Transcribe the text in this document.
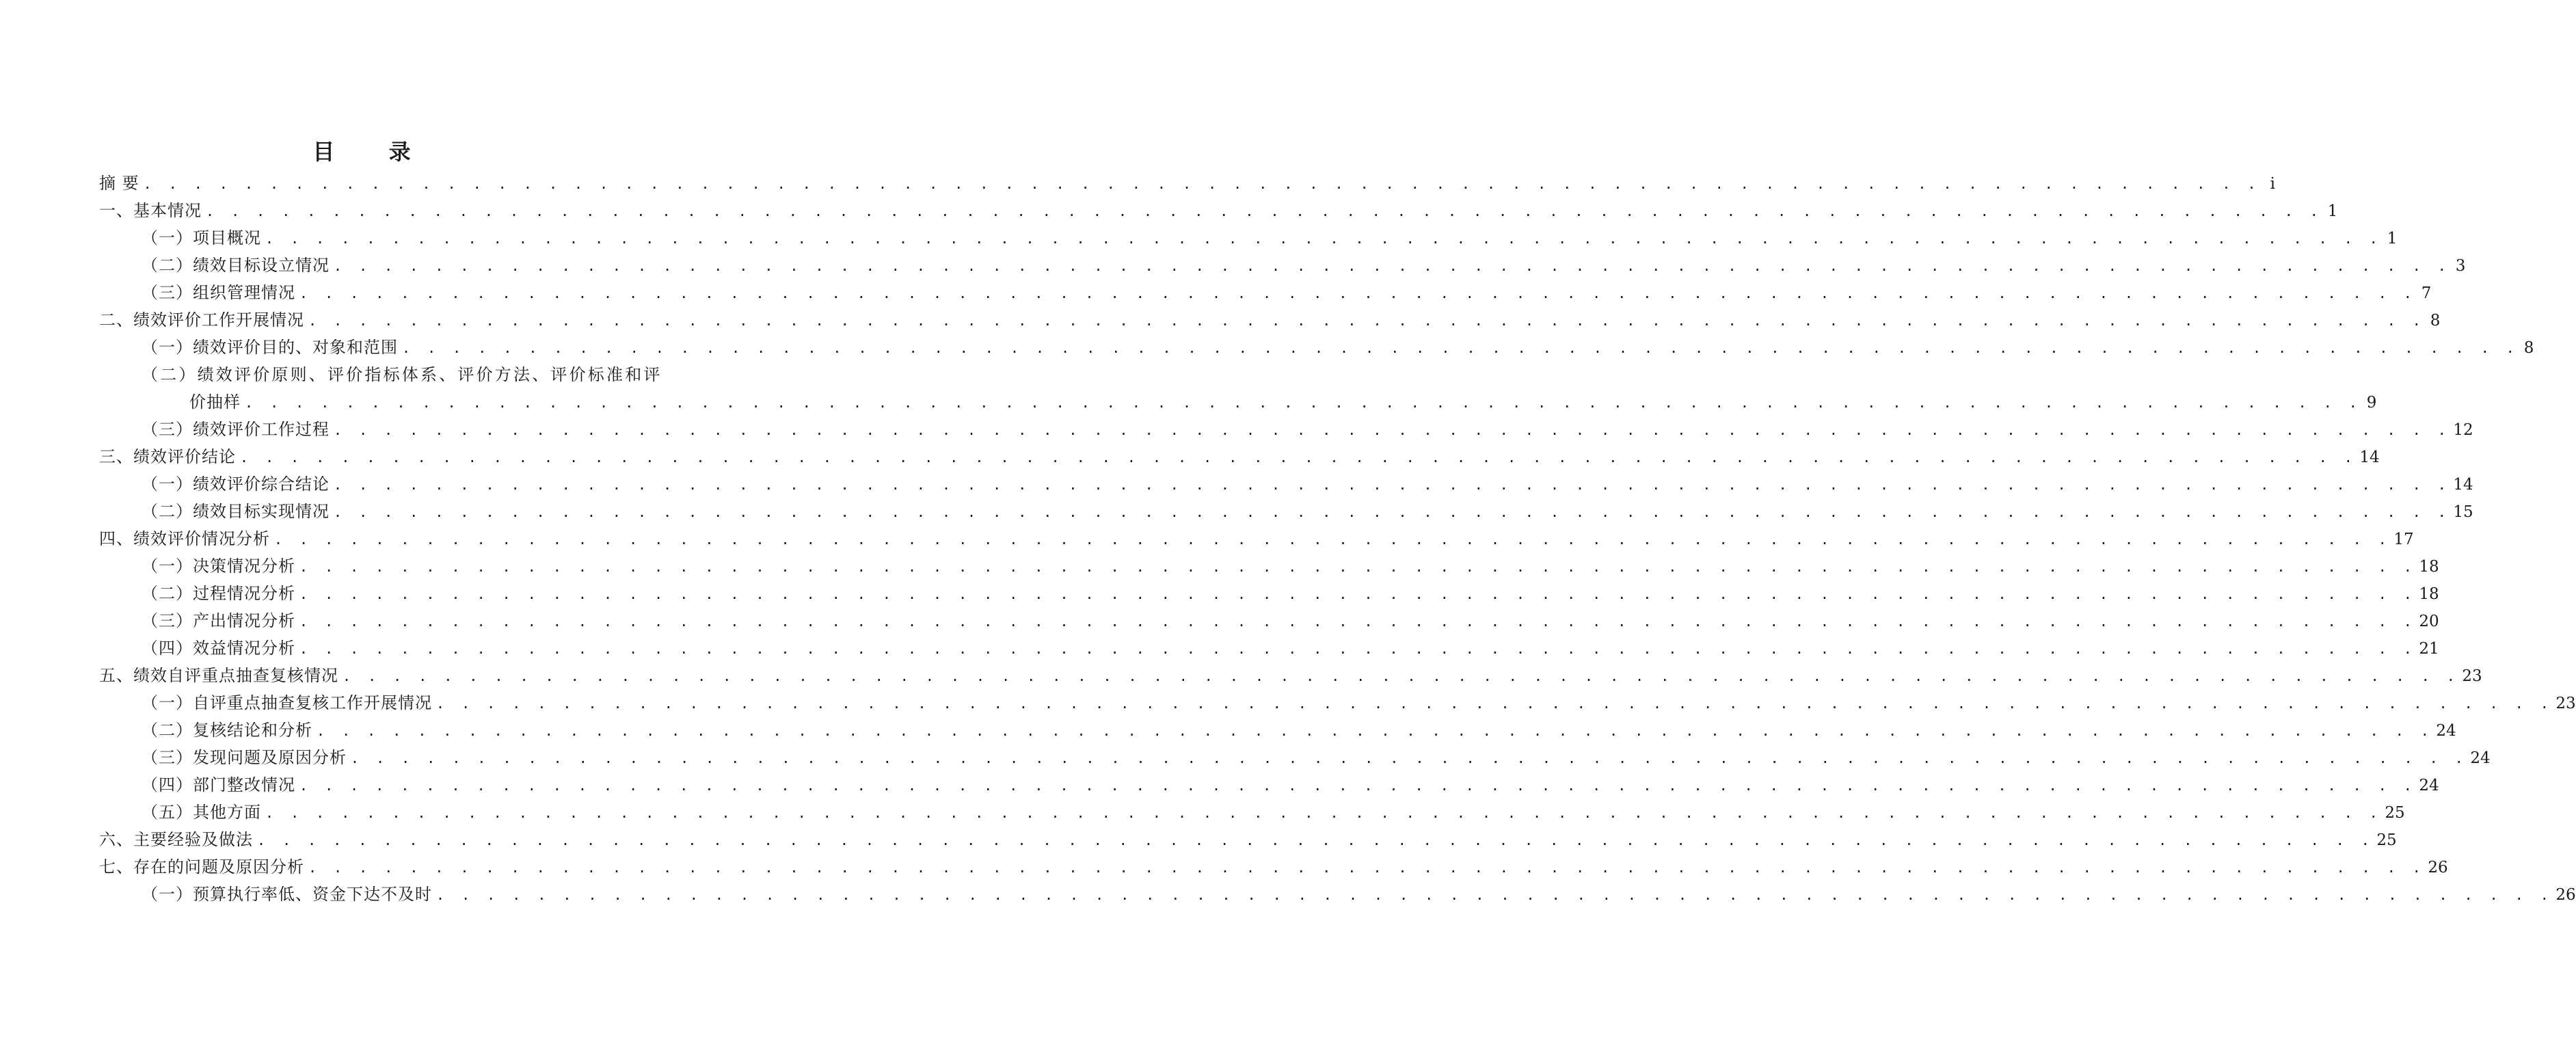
目 录
摘 要 . . .	i
一、基本情况 . . .	1
（一）项目概况 . . .	1
（二）绩效目标设立情况 . . .	3
（三）组织管理情况 . . .	7
二、绩效评价工作开展情况 . . .	8
（一）绩效评价目的、对象和范围 . . .	8
（二）绩效评价原则、评价指标体系、评价方法、评价标准和评
价抽样 . . .	9
（三）绩效评价工作过程 . . .	12
三、绩效评价结论 . . .	14
（一）绩效评价综合结论 . . .	14
（二）绩效目标实现情况 . . .	15
四、绩效评价情况分析 . . .	17
（一）决策情况分析 . . .	18
（二）过程情况分析 . . .	18
（三）产出情况分析 . . .	20
（四）效益情况分析 . . .	21
五、绩效自评重点抽查复核情况 . . .	23
（一）自评重点抽查复核工作开展情况 . . .	23
（二）复核结论和分析 . . .	24
（三）发现问题及原因分析 . . .	24
（四）部门整改情况 . . .	24
（五）其他方面 . . .	25
六、主要经验及做法 . . .	25
七、存在的问题及原因分析 . . .	26
（一）预算执行率低、资金下达不及时 . . .	26
